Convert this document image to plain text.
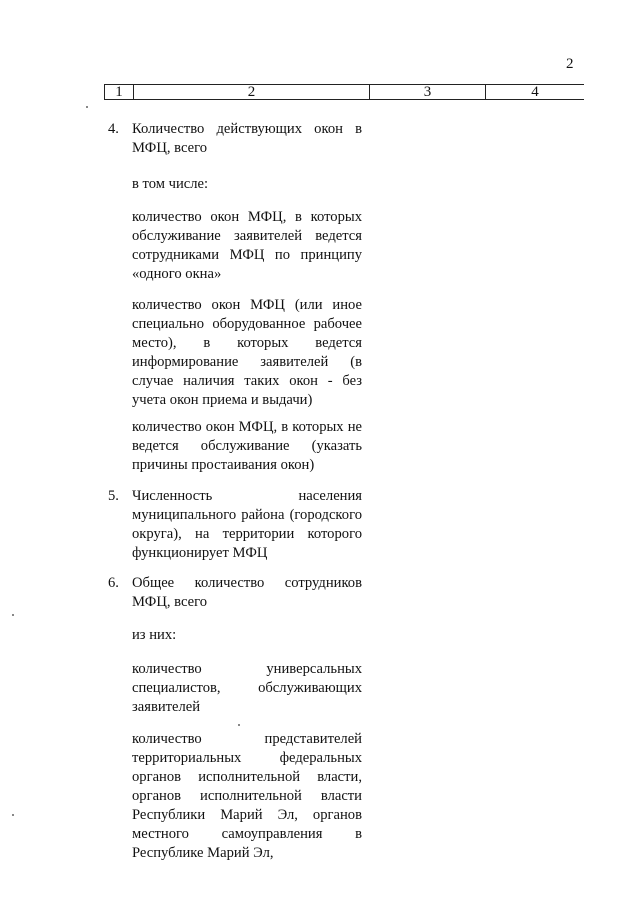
2
1	2	3	4
4. Количество действующих окон в МФЦ, всего
в том числе:
количество окон МФЦ, в которых обслуживание заявителей ведется сотрудниками МФЦ по принципу «одного окна»
количество окон МФЦ (или иное специально оборудованное рабочее место), в которых ведется информирование заявителей (в случае наличия таких окон - без учета окон приема и выдачи)
количество окон МФЦ, в которых не ведется обслуживание (указать причины простаивания окон)
5. Численность населения муниципального района (городского округа), на территории которого функционирует МФЦ
6. Общее количество сотрудников МФЦ, всего
из них:
количество универсальных специалистов, обслуживающих заявителей
количество представителей территориальных федеральных органов исполнительной власти, органов исполнительной власти Республики Марий Эл, органов местного самоуправления в Республике Марий Эл,
